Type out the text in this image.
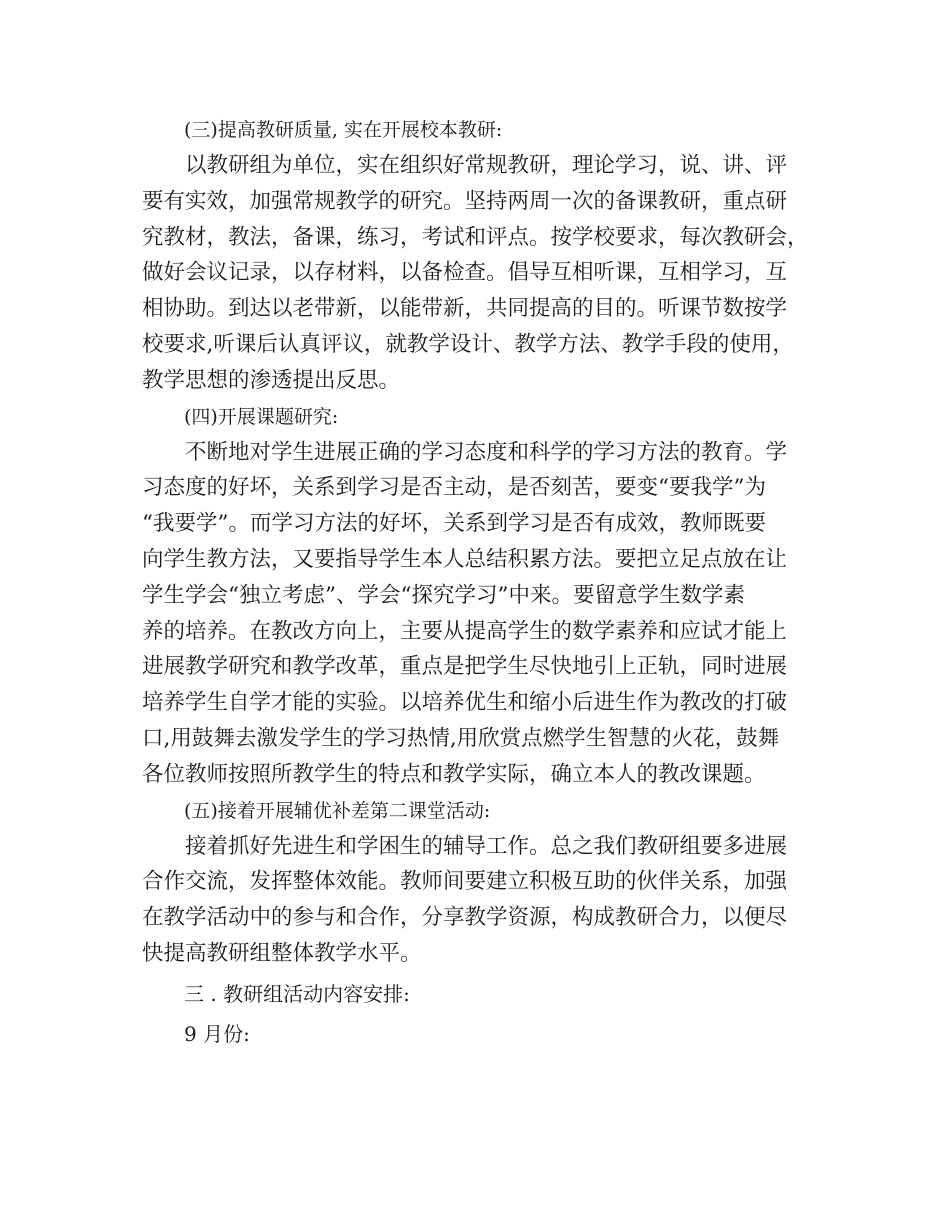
(三)提高教研质量, 实在开展校本教研:
以教研组为单位，实在组织好常规教研，理论学习，说、讲、评
要有实效，加强常规教学的研究。坚持两周一次的备课教研，重点研
究教材，教法，备课，练习，考试和评点。按学校要求，每次教研会，
做好会议记录，以存材料，以备检查。倡导互相听课，互相学习，互
相协助。到达以老带新，以能带新，共同提高的目的。听课节数按学
校要求,听课后认真评议，就教学设计、教学方法、教学手段的使用，
教学思想的渗透提出反思。
(四)开展课题研究:
不断地对学生进展正确的学习态度和科学的学习方法的教育。学
习态度的好坏，关系到学习是否主动，是否刻苦，要变“要我学”为
“我要学”。而学习方法的好坏，关系到学习是否有成效，教师既要
向学生教方法，又要指导学生本人总结积累方法。要把立足点放在让
学生学会“独立考虑”、学会“探究学习”中来。要留意学生数学素
养的培养。在教改方向上，主要从提高学生的数学素养和应试才能上
进展教学研究和教学改革，重点是把学生尽快地引上正轨，同时进展
培养学生自学才能的实验。以培养优生和缩小后进生作为教改的打破
口,用鼓舞去激发学生的学习热情,用欣赏点燃学生智慧的火花，鼓舞
各位教师按照所教学生的特点和教学实际，确立本人的教改课题。
(五)接着开展辅优补差第二课堂活动:
接着抓好先进生和学困生的辅导工作。总之我们教研组要多进展
合作交流，发挥整体效能。教师间要建立积极互助的伙伴关系，加强
在教学活动中的参与和合作，分享教学资源，构成教研合力，以便尽
快提高教研组整体教学水平。
三 . 教研组活动内容安排:
9 月份:
